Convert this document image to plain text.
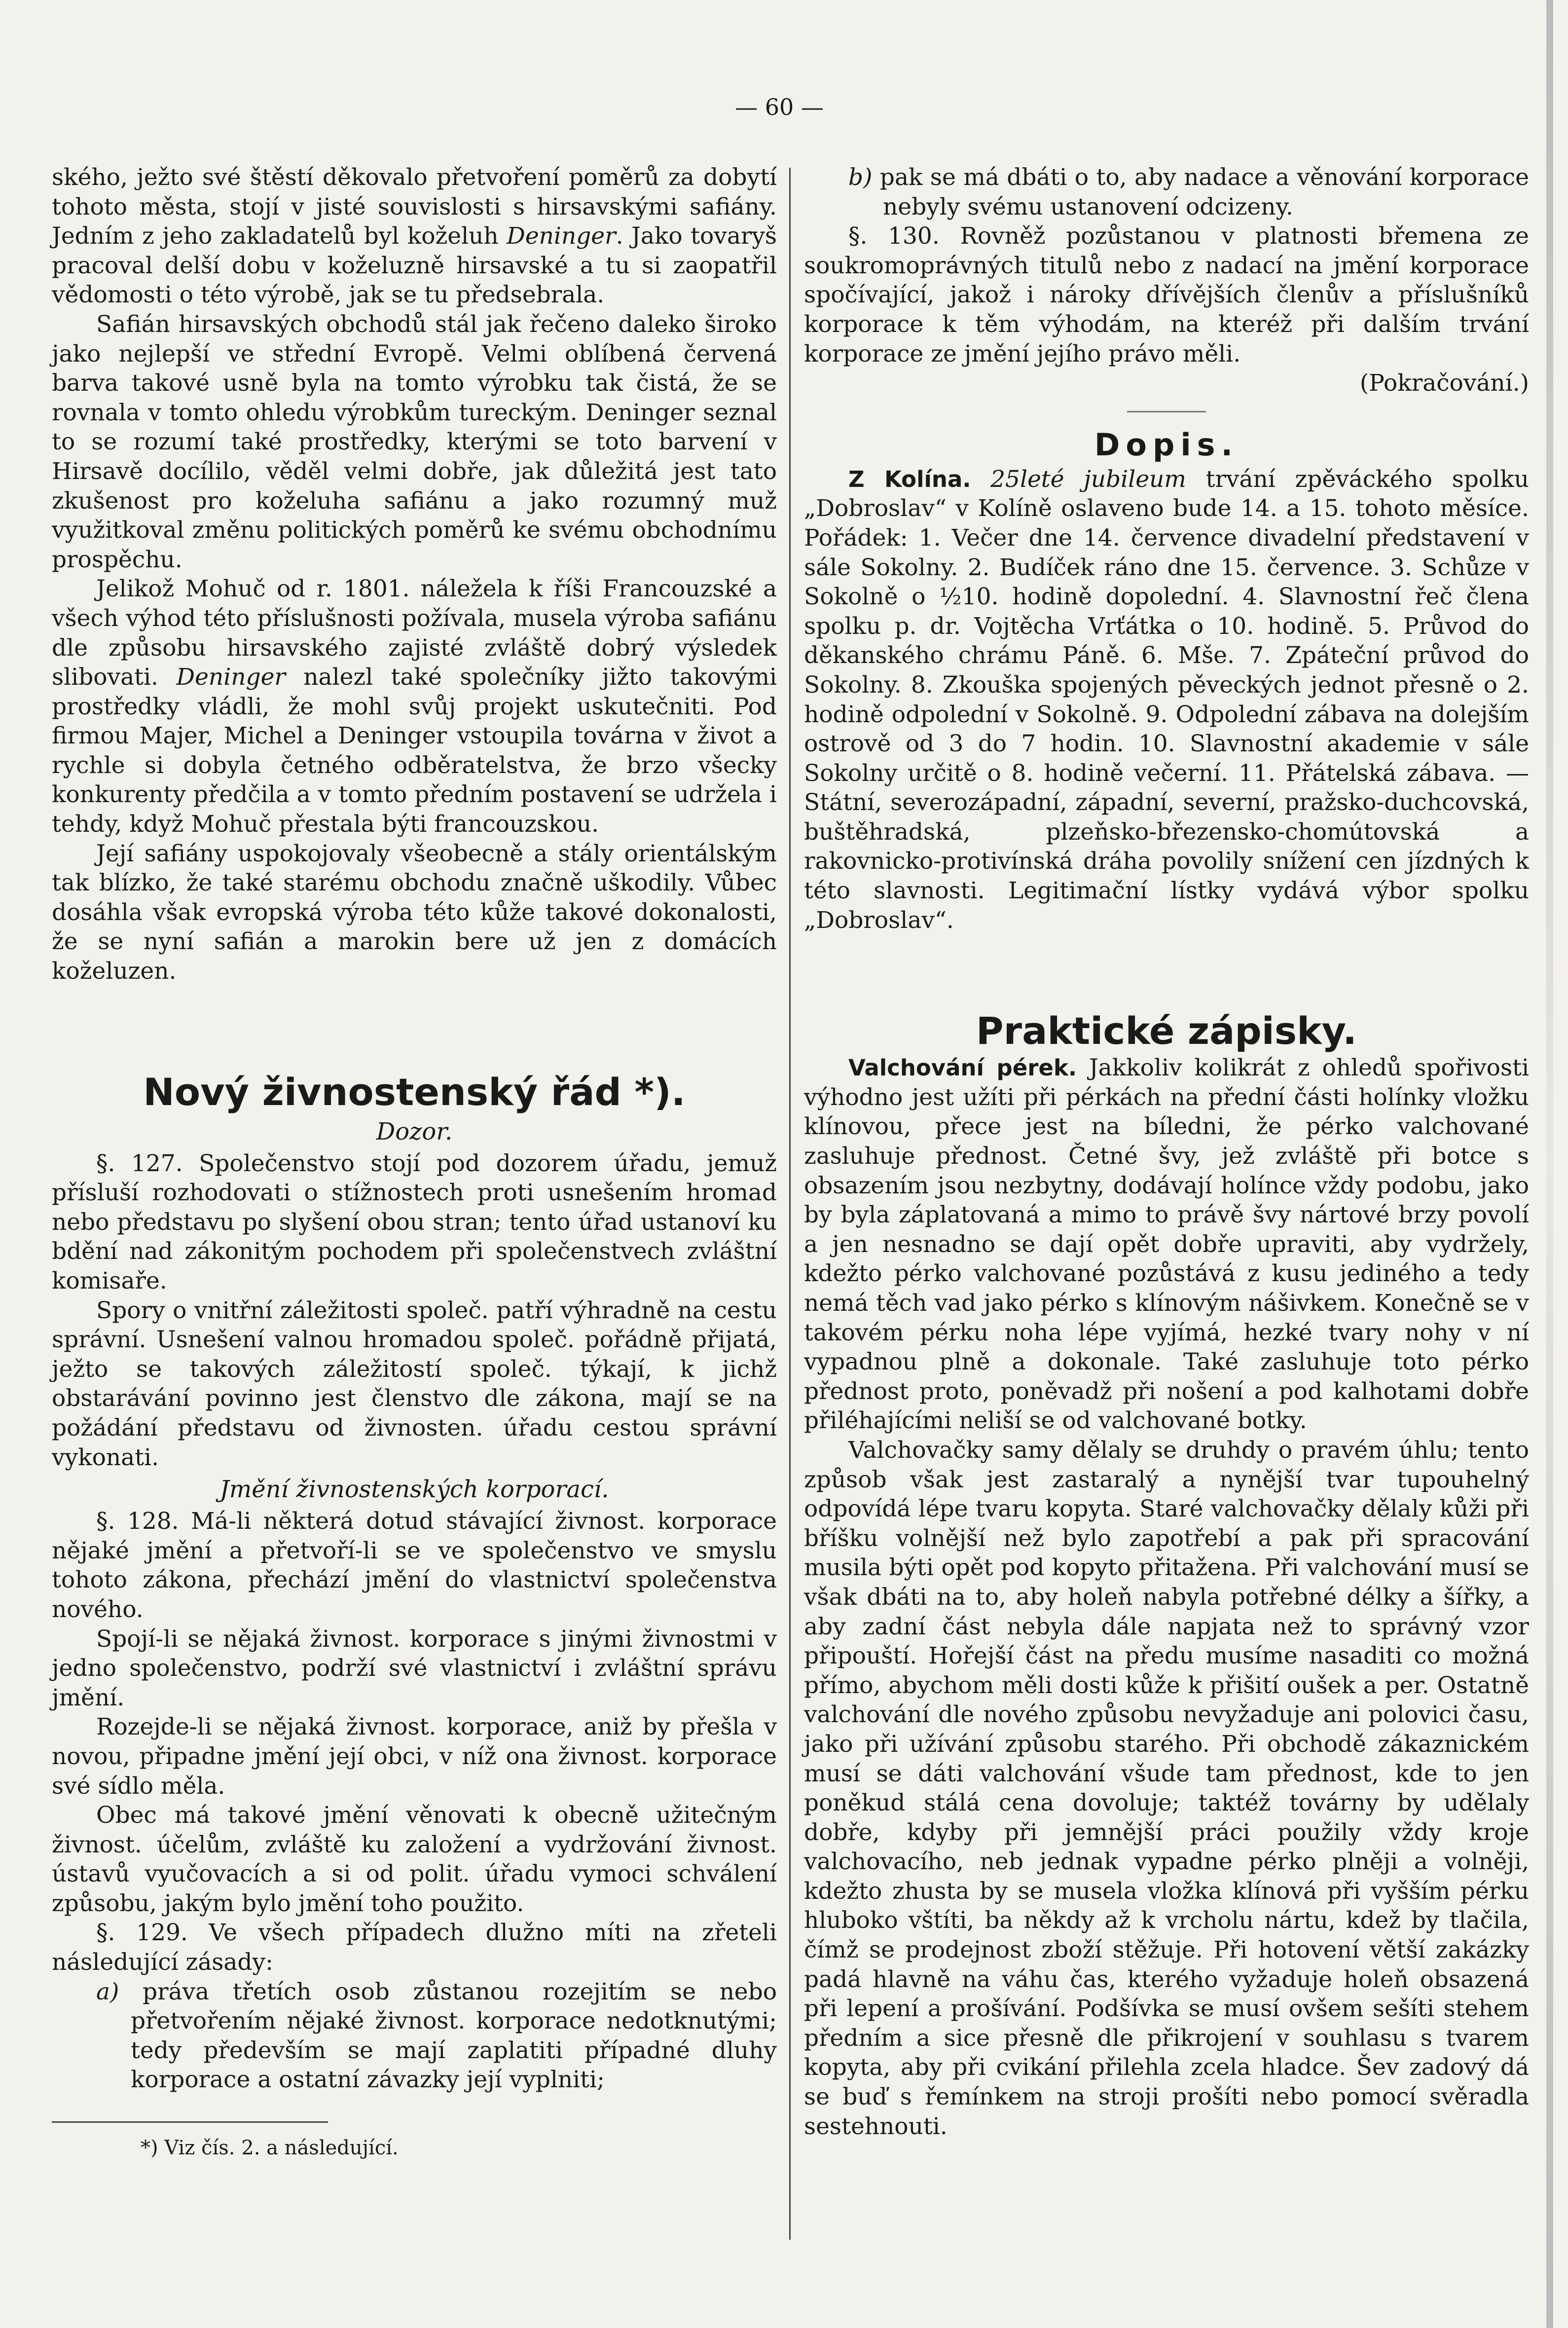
— 60 —

ského, ježto své štěstí děkovalo přetvoření poměrů za dobytí tohoto města, stojí v jisté souvislosti s hirsavskými safiány. Jedním z jeho zakladatelů byl koželuh Deninger. Jako tovaryš pracoval delší dobu v koželuzně hirsavské a tu si zaopatřil vědomosti o této výrobě, jak se tu předsebrala.

Safián hirsavských obchodů stál jak řečeno daleko široko jako nejlepší ve střední Evropě. Velmi oblíbená červená barva takové usně byla na tomto výrobku tak čistá, že se rovnala v tomto ohledu výrobkům tureckým. Deninger seznal to se rozumí také prostředky, kterými se toto barvení v Hirsavě docílilo, věděl velmi dobře, jak důležitá jest tato zkušenost pro koželuha safiánu a jako rozumný muž využitkoval změnu politických poměrů ke svému obchodnímu prospěchu.

Jelikož Mohuč od r. 1801. náležela k říši Francouzské a všech výhod této příslušnosti požívala, musela výroba safiánu dle způsobu hirsavského zajisté zvláště dobrý výsledek slibovati. Deninger nalezl také společníky jižto takovými prostředky vládli, že mohl svůj projekt uskutečniti. Pod firmou Majer, Michel a Deninger vstoupila továrna v život a rychle si dobyla četného odběratelstva, že brzo všecky konkurenty předčila a v tomto předním postavení se udržela i tehdy, když Mohuč přestala býti francouzskou.

Její safiány uspokojovaly všeobecně a stály orientálským tak blízko, že také starému obchodu značně uškodily. Vůbec dosáhla však evropská výroba této kůže takové dokonalosti, že se nyní safián a marokin bere už jen z domácích koželuzen.

Nový živnostenský řád *).

Dozor.

§. 127. Společenstvo stojí pod dozorem úřadu, jemuž přísluší rozhodovati o stížnostech proti usnešením hromad nebo představu po slyšení obou stran; tento úřad ustanoví ku bdění nad zákonitým pochodem při společenstvech zvláštní komisaře.

Spory o vnitřní záležitosti společ. patří výhradně na cestu správní. Usnešení valnou hromadou společ. pořádně přijatá, ježto se takových záležitostí společ. týkají, k jichž obstarávání povinno jest členstvo dle zákona, mají se na požádání představu od živnosten. úřadu cestou správní vykonati.

Jmění živnostenských korporací.

§. 128. Má-li některá dotud stávající živnost. korporace nějaké jmění a přetvoří-li se ve společenstvo ve smyslu tohoto zákona, přechází jmění do vlastnictví společenstva nového.

Spojí-li se nějaká živnost. korporace s jinými živnostmi v jedno společenstvo, podrží své vlastnictví i zvláštní správu jmění.

Rozejde-li se nějaká živnost. korporace, aniž by přešla v novou, připadne jmění její obci, v níž ona živnost. korporace své sídlo měla.

Obec má takové jmění věnovati k obecně užitečným živnost. účelům, zvláště ku založení a vydržování živnost. ústavů vyučovacích a si od polit. úřadu vymoci schválení způsobu, jakým bylo jmění toho použito.

§. 129. Ve všech případech dlužno míti na zřeteli následující zásady:

a) práva třetích osob zůstanou rozejitím se nebo přetvořením nějaké živnost. korporace nedotknutými; tedy především se mají zaplatiti případné dluhy korporace a ostatní závazky její vyplniti;

*) Viz čís. 2. a následující.

b) pak se má dbáti o to, aby nadace a věnování korporace nebyly svému ustanovení odcizeny.

§. 130. Rovněž pozůstanou v platnosti břemena ze soukromoprávných titulů nebo z nadací na jmění korporace spočívající, jakož i nároky dřívějších členův a příslušníků korporace k těm výhodám, na kteréž při dalším trvání korporace ze jmění jejího právo měli.

(Pokračování.)

Dopis.

Z Kolína. 25leté jubileum trvání zpěváckého spolku „Dobroslav“ v Kolíně oslaveno bude 14. a 15. tohoto měsíce. Pořádek: 1. Večer dne 14. července divadelní představení v sále Sokolny. 2. Budíček ráno dne 15. července. 3. Schůze v Sokolně o ½10. hodině dopolední. 4. Slavnostní řeč člena spolku p. dr. Vojtěcha Vrťátka o 10. hodině. 5. Průvod do děkanského chrámu Páně. 6. Mše. 7. Zpáteční průvod do Sokolny. 8. Zkouška spojených pěveckých jednot přesně o 2. hodině odpolední v Sokolně. 9. Odpolední zábava na dolejším ostrově od 3 do 7 hodin. 10. Slavnostní akademie v sále Sokolny určitě o 8. hodině večerní. 11. Přátelská zábava. — Státní, severozápadní, západní, severní, pražsko-duchcovská, buštěhradská, plzeňsko-březensko-chomútovská a rakovnicko-protivínská dráha povolily snížení cen jízdných k této slavnosti. Legitimační lístky vydává výbor spolku „Dobroslav“.

Praktické zápisky.

Valchování pérek. Jakkoliv kolikrát z ohledů spořivosti výhodno jest užíti při pérkách na přední části holínky vložku klínovou, přece jest na bíledni, že pérko valchované zasluhuje přednost. Četné švy, jež zvláště při botce s obsazením jsou nezbytny, dodávají holínce vždy podobu, jako by byla záplatovaná a mimo to právě švy nártové brzy povolí a jen nesnadno se dají opět dobře upraviti, aby vydržely, kdežto pérko valchované pozůstává z kusu jediného a tedy nemá těch vad jako pérko s klínovým nášivkem. Konečně se v takovém pérku noha lépe vyjímá, hezké tvary nohy v ní vypadnou plně a dokonale. Také zasluhuje toto pérko přednost proto, poněvadž při nošení a pod kalhotami dobře přiléhajícími neliší se od valchované botky.

Valchovačky samy dělaly se druhdy o pravém úhlu; tento způsob však jest zastaralý a nynější tvar tupouhelný odpovídá lépe tvaru kopyta. Staré valchovačky dělaly kůži při bříšku volnější než bylo zapotřebí a pak při spracování musila býti opět pod kopyto přitažena. Při valchování musí se však dbáti na to, aby holeň nabyla potřebné délky a šířky, a aby zadní část nebyla dále napjata než to správný vzor připouští. Hořejší část na předu musíme nasaditi co možná přímo, abychom měli dosti kůže k přišití oušek a per. Ostatně valchování dle nového způsobu nevyžaduje ani polovici času, jako při užívání způsobu starého. Při obchodě zákaznickém musí se dáti valchování všude tam přednost, kde to jen poněkud stálá cena dovoluje; taktéž továrny by udělaly dobře, kdyby při jemnější práci použily vždy kroje valchovacího, neb jednak vypadne pérko plněji a volněji, kdežto zhusta by se musela vložka klínová při vyšším pérku hluboko vštíti, ba někdy až k vrcholu nártu, kdež by tlačila, čímž se prodejnost zboží stěžuje. Při hotovení větší zakázky padá hlavně na váhu čas, kterého vyžaduje holeň obsazená při lepení a prošívání. Podšívka se musí ovšem sešíti stehem předním a sice přesně dle přikrojení v souhlasu s tvarem kopyta, aby při cvikání přilehla zcela hladce. Šev zadový dá se buď s řemínkem na stroji prošíti nebo pomocí svěradla sestehnouti.
